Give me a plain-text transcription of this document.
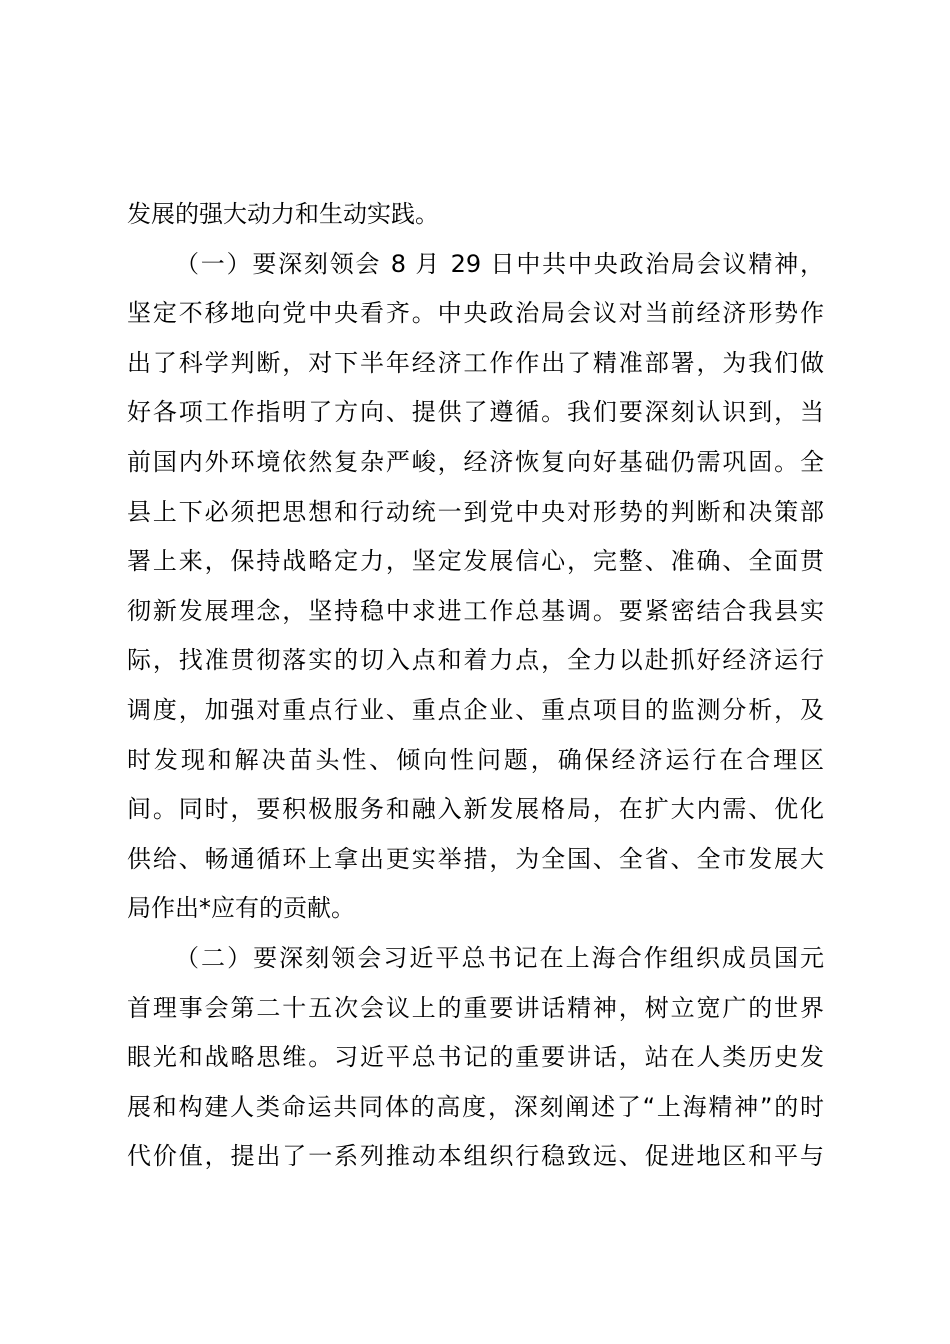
发展的强大动力和生动实践。
（一）要深刻领会 8 月 29 日中共中央政治局会议精神，
坚定不移地向党中央看齐。中央政治局会议对当前经济形势作
出了科学判断，对下半年经济工作作出了精准部署，为我们做
好各项工作指明了方向、提供了遵循。我们要深刻认识到，当
前国内外环境依然复杂严峻，经济恢复向好基础仍需巩固。全
县上下必须把思想和行动统一到党中央对形势的判断和决策部
署上来，保持战略定力，坚定发展信心，完整、准确、全面贯
彻新发展理念，坚持稳中求进工作总基调。要紧密结合我县实
际，找准贯彻落实的切入点和着力点，全力以赴抓好经济运行
调度，加强对重点行业、重点企业、重点项目的监测分析，及
时发现和解决苗头性、倾向性问题，确保经济运行在合理区
间。同时，要积极服务和融入新发展格局，在扩大内需、优化
供给、畅通循环上拿出更实举措，为全国、全省、全市发展大
局作出*应有的贡献。
（二）要深刻领会习近平总书记在上海合作组织成员国元
首理事会第二十五次会议上的重要讲话精神，树立宽广的世界
眼光和战略思维。习近平总书记的重要讲话，站在人类历史发
展和构建人类命运共同体的高度，深刻阐述了“上海精神”的时
代价值，提出了一系列推动本组织行稳致远、促进地区和平与
